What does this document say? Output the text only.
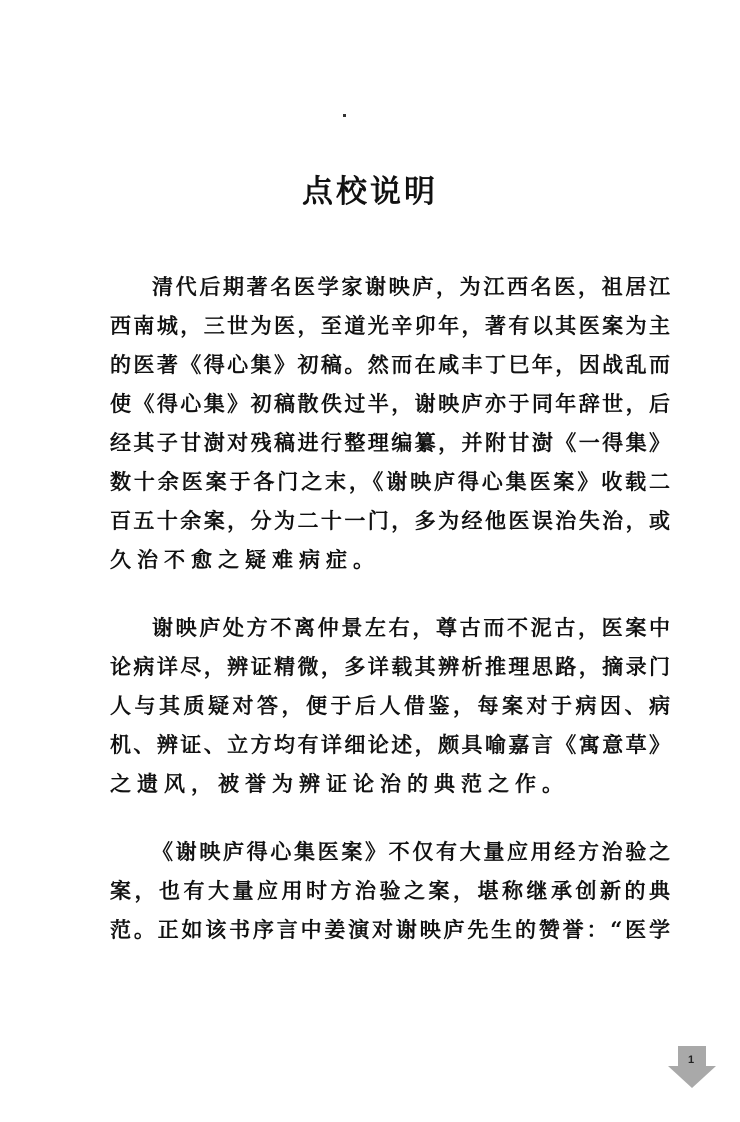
点校说明
清代后期著名医学家谢映庐，为江西名医，祖居江
西南城，三世为医，至道光辛卯年，著有以其医案为主
的医著《得心集》初稿。然而在咸丰丁巳年，因战乱而
使《得心集》初稿散佚过半，谢映庐亦于同年辞世，后
经其子甘澍对残稿进行整理编纂，并附甘澍《一得集》
数十余医案于各门之末，《谢映庐得心集医案》收载二
百五十余案，分为二十一门，多为经他医误治失治，或
久治不愈之疑难病症。
谢映庐处方不离仲景左右，尊古而不泥古，医案中
论病详尽，辨证精微，多详载其辨析推理思路，摘录门
人与其质疑对答，便于后人借鉴，每案对于病因、病
机、辨证、立方均有详细论述，颇具喻嘉言《寓意草》
之遗风，被誉为辨证论治的典范之作。
《谢映庐得心集医案》不仅有大量应用经方治验之
案，也有大量应用时方治验之案，堪称继承创新的典
范。正如该书序言中姜演对谢映庐先生的赞誉：“医学
1
